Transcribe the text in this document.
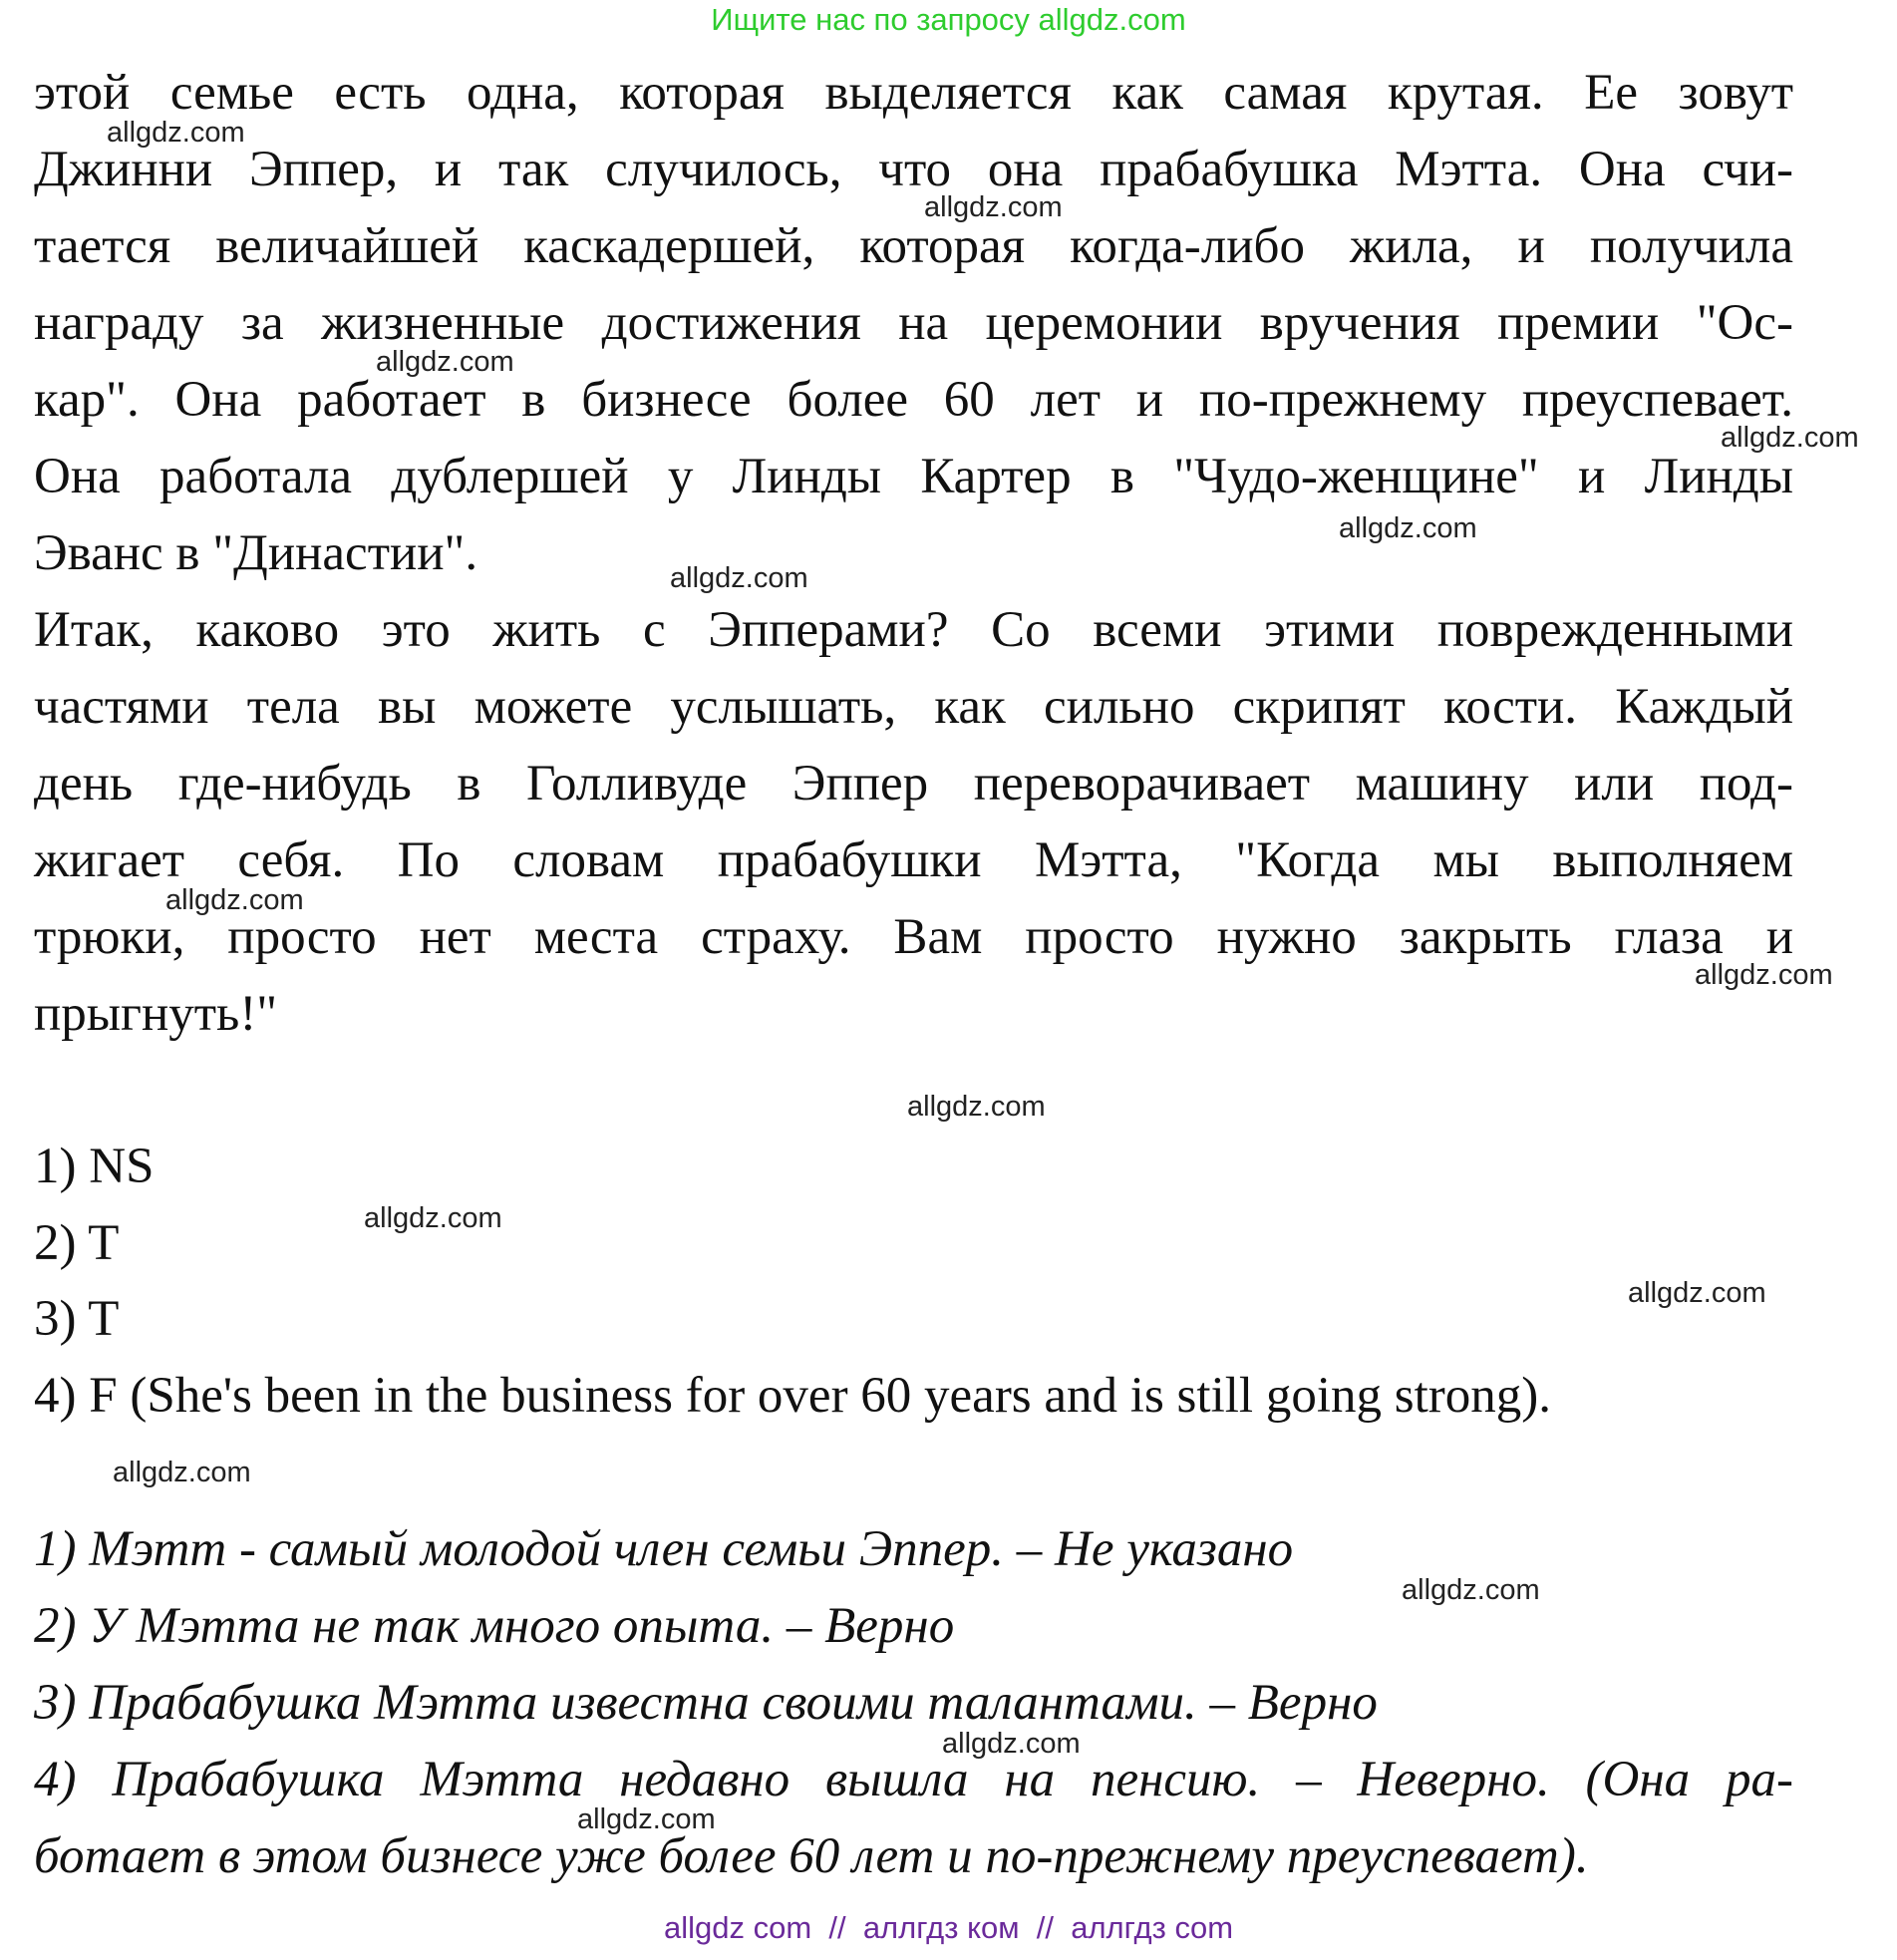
Ищите нас по запросу allgdz.com
этой семье есть одна, которая выделяется как самая крутая. Ее зовут
Джинни Эппер, и так случилось, что она прабабушка Мэтта. Она счи-
тается величайшей каскадершей, которая когда-либо жила, и получила
награду за жизненные достижения на церемонии вручения премии "Ос-
кар". Она работает в бизнесе более 60 лет и по-прежнему преуспевает.
Она работала дублершей у Линды Картер в "Чудо-женщине" и Линды
Эванс в "Династии".
Итак, каково это жить с Эпперами? Со всеми этими поврежденными
частями тела вы можете услышать, как сильно скрипят кости. Каждый
день где-нибудь в Голливуде Эппер переворачивает машину или под-
жигает себя. По словам прабабушки Мэтта, "Когда мы выполняем
трюки, просто нет места страху. Вам просто нужно закрыть глаза и
прыгнуть!"
1) NS
2) T
3) T
4) F (She's been in the business for over 60 years and is still going strong).
1) Мэтт - самый молодой член семьи Эппер. – Не указано
2) У Мэтта не так много опыта. – Верно
3) Прабабушка Мэтта известна своими талантами. – Верно
4) Прабабушка Мэтта недавно вышла на пенсию. – Неверно. (Она ра-
ботает в этом бизнесе уже более 60 лет и по-прежнему преуспевает).
allgdz.com
allgdz.com
allgdz.com
allgdz.com
allgdz.com
allgdz.com
allgdz.com
allgdz.com
allgdz.com
allgdz.com
allgdz.com
allgdz.com
allgdz.com
allgdz.com
allgdz.com
allgdz com  //  аллгдз ком  //  аллгдз com
